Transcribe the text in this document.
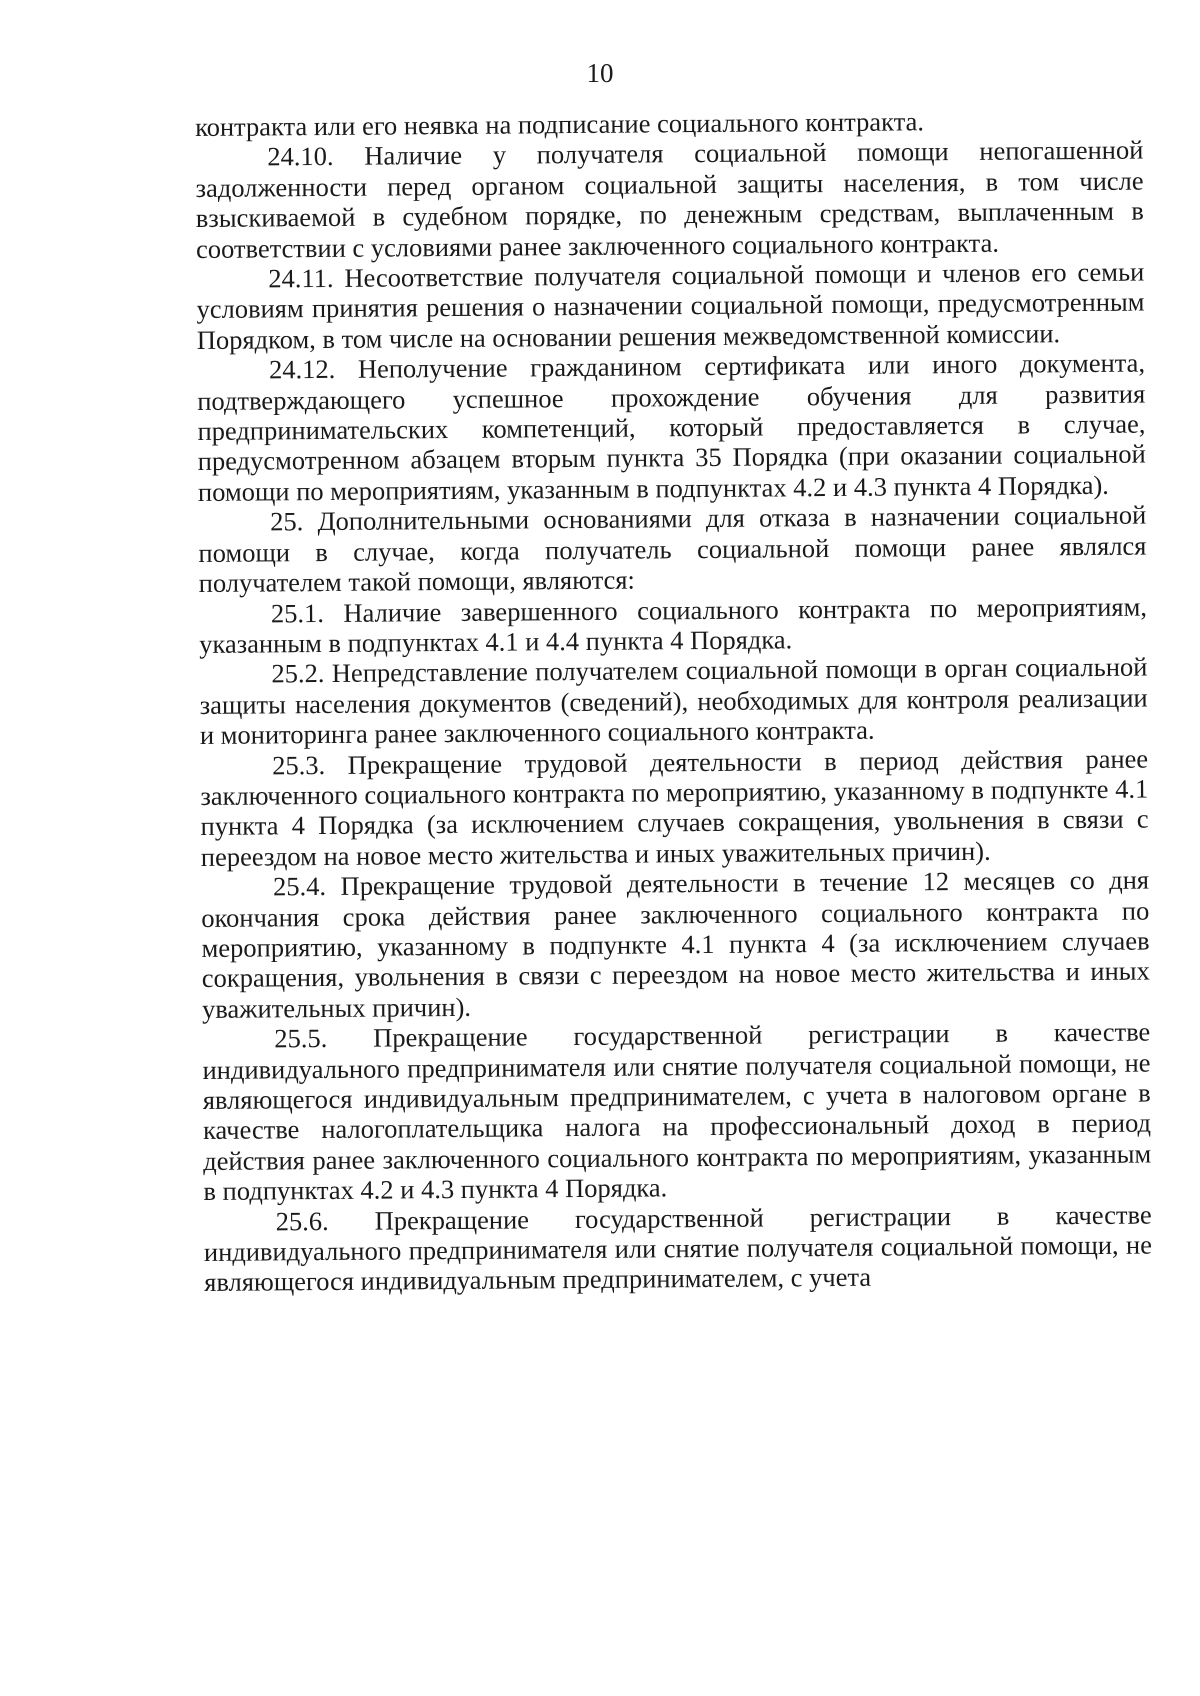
10

контракта или его неявка на подписание социального контракта.

24.10. Наличие у получателя социальной помощи непогашенной задолженности перед органом социальной защиты населения, в том числе взыскиваемой в судебном порядке, по денежным средствам, выплаченным в соответствии с условиями ранее заключенного социального контракта.

24.11. Несоответствие получателя социальной помощи и членов его семьи условиям принятия решения о назначении социальной помощи, предусмотренным Порядком, в том числе на основании решения межведомственной комиссии.

24.12. Неполучение гражданином сертификата или иного документа, подтверждающего успешное прохождение обучения для развития предпринимательских компетенций, который предоставляется в случае, предусмотренном абзацем вторым пункта 35 Порядка (при оказании социальной помощи по мероприятиям, указанным в подпунктах 4.2 и 4.3 пункта 4 Порядка).

25. Дополнительными основаниями для отказа в назначении социальной помощи в случае, когда получатель социальной помощи ранее являлся получателем такой помощи, являются:

25.1. Наличие завершенного социального контракта по мероприятиям, указанным в подпунктах 4.1 и 4.4 пункта 4 Порядка.

25.2. Непредставление получателем социальной помощи в орган социальной защиты населения документов (сведений), необходимых для контроля реализации и мониторинга ранее заключенного социального контракта.

25.3. Прекращение трудовой деятельности в период действия ранее заключенного социального контракта по мероприятию, указанному в подпункте 4.1 пункта 4 Порядка (за исключением случаев сокращения, увольнения в связи с переездом на новое место жительства и иных уважительных причин).

25.4. Прекращение трудовой деятельности в течение 12 месяцев со дня окончания срока действия ранее заключенного социального контракта по мероприятию, указанному в подпункте 4.1 пункта 4 (за исключением случаев сокращения, увольнения в связи с переездом на новое место жительства и иных уважительных причин).

25.5. Прекращение государственной регистрации в качестве индивидуального предпринимателя или снятие получателя социальной помощи, не являющегося индивидуальным предпринимателем, с учета в налоговом органе в качестве налогоплательщика налога на профессиональный доход в период действия ранее заключенного социального контракта по мероприятиям, указанным в подпунктах 4.2 и 4.3 пункта 4 Порядка.

25.6. Прекращение государственной регистрации в качестве индивидуального предпринимателя или снятие получателя социальной помощи, не являющегося индивидуальным предпринимателем, с учета
